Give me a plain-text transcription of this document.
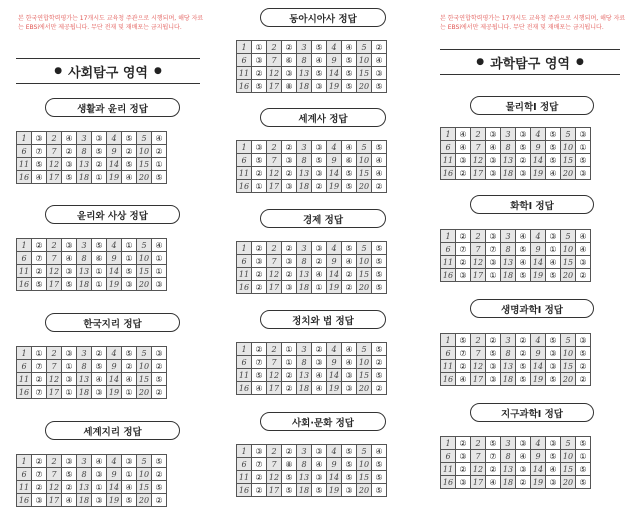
본 한국연합학력평가는 17개시도 교육청 주관으로 시행되며, 해당 자료는 EBSi에서만 제공됩니다. 무단 전재 및 재배포는 금지됩니다.
본 한국연합학력평가는 17개시도 교육청 주관으로 시행되며, 해당 자료는 EBSi에서만 제공됩니다. 무단 전재 및 재배포는 금지됩니다.
● 사회탐구 영역 ●
● 과학탐구 영역 ●
생활과 윤리 정답
1	③	2	④	3	③	4	⑤	5	④
6	⑦	7	②	8	⑤	9	②	10	②
11	⑤	12	③	13	②	14	⑤	15	①
16	④	17	⑤	18	①	19	④	20	⑤
윤리와 사상 정답
1	②	2	③	3	⑤	4	①	5	④
6	⑦	7	④	8	⑥	9	①	10	①
11	②	12	③	13	①	14	⑤	15	①
16	⑤	17	⑤	18	①	19	③	20	③
한국지리 정답
1	①	2	③	3	②	4	⑤	5	③
6	⑦	7	①	8	⑤	9	②	10	②
11	②	12	③	13	④	14	④	15	⑤
16	⑦	17	①	18	③	19	①	20	②
세계지리 정답
1	②	2	③	3	④	4	③	5	⑤
6	⑦	7	⑤	8	③	9	①	10	②
11	②	12	②	13	①	14	④	15	⑤
16	③	17	④	18	③	19	⑤	20	②
동아시아사 정답
1	①	2	②	3	⑤	4	④	5	②
6	③	7	⑥	8	④	9	⑤	10	④
11	②	12	③	13	⑤	14	⑤	15	③
16	⑤	17	⑧	18	③	19	⑤	20	⑤
세계사 정답
1	③	2	②	3	③	4	④	5	⑤
6	⑤	7	③	8	⑤	9	⑥	10	④
11	②	12	②	13	③	14	⑤	15	④
16	①	17	③	18	②	19	⑤	20	②
경제 정답
1	②	2	②	3	③	4	⑤	5	⑤
6	③	7	③	8	②	9	④	10	⑤
11	②	12	②	13	④	14	②	15	⑤
16	②	17	③	18	①	19	②	20	⑤
정치와 법 정답
1	②	2	①	3	②	4	④	5	⑤
6	⑦	7	①	8	③	9	④	10	②
11	⑤	12	②	13	④	14	③	15	⑤
16	④	17	②	18	④	19	③	20	②
사회·문화 정답
1	③	2	②	3	③	4	⑤	5	④
6	⑦	7	⑧	8	④	9	⑤	10	⑤
11	②	12	⑤	13	③	14	⑤	15	⑤
16	②	17	⑤	18	⑤	19	③	20	⑤
물리학Ⅰ 정답
1	④	2	③	3	③	4	⑤	5	③
6	④	7	④	8	⑤	9	⑤	10	①
11	③	12	③	13	②	14	⑤	15	⑤
16	②	17	③	18	③	19	④	20	③
화학Ⅰ 정답
1	②	2	③	3	④	4	③	5	④
6	⑦	7	⑦	8	⑤	9	①	10	④
11	②	12	③	13	④	14	④	15	③
16	③	17	①	18	⑤	19	⑤	20	②
생명과학Ⅰ 정답
1	⑤	2	②	3	②	4	⑤	5	③
6	⑦	7	⑤	8	②	9	③	10	⑤
11	②	12	③	13	⑤	14	③	15	②
16	④	17	③	18	⑤	19	⑤	20	②
지구과학Ⅰ 정답
1	②	2	⑤	3	③	4	③	5	⑤
6	③	7	⑦	8	④	9	⑤	10	①
11	②	12	②	13	③	14	④	15	⑤
16	③	17	④	18	②	19	③	20	⑤
